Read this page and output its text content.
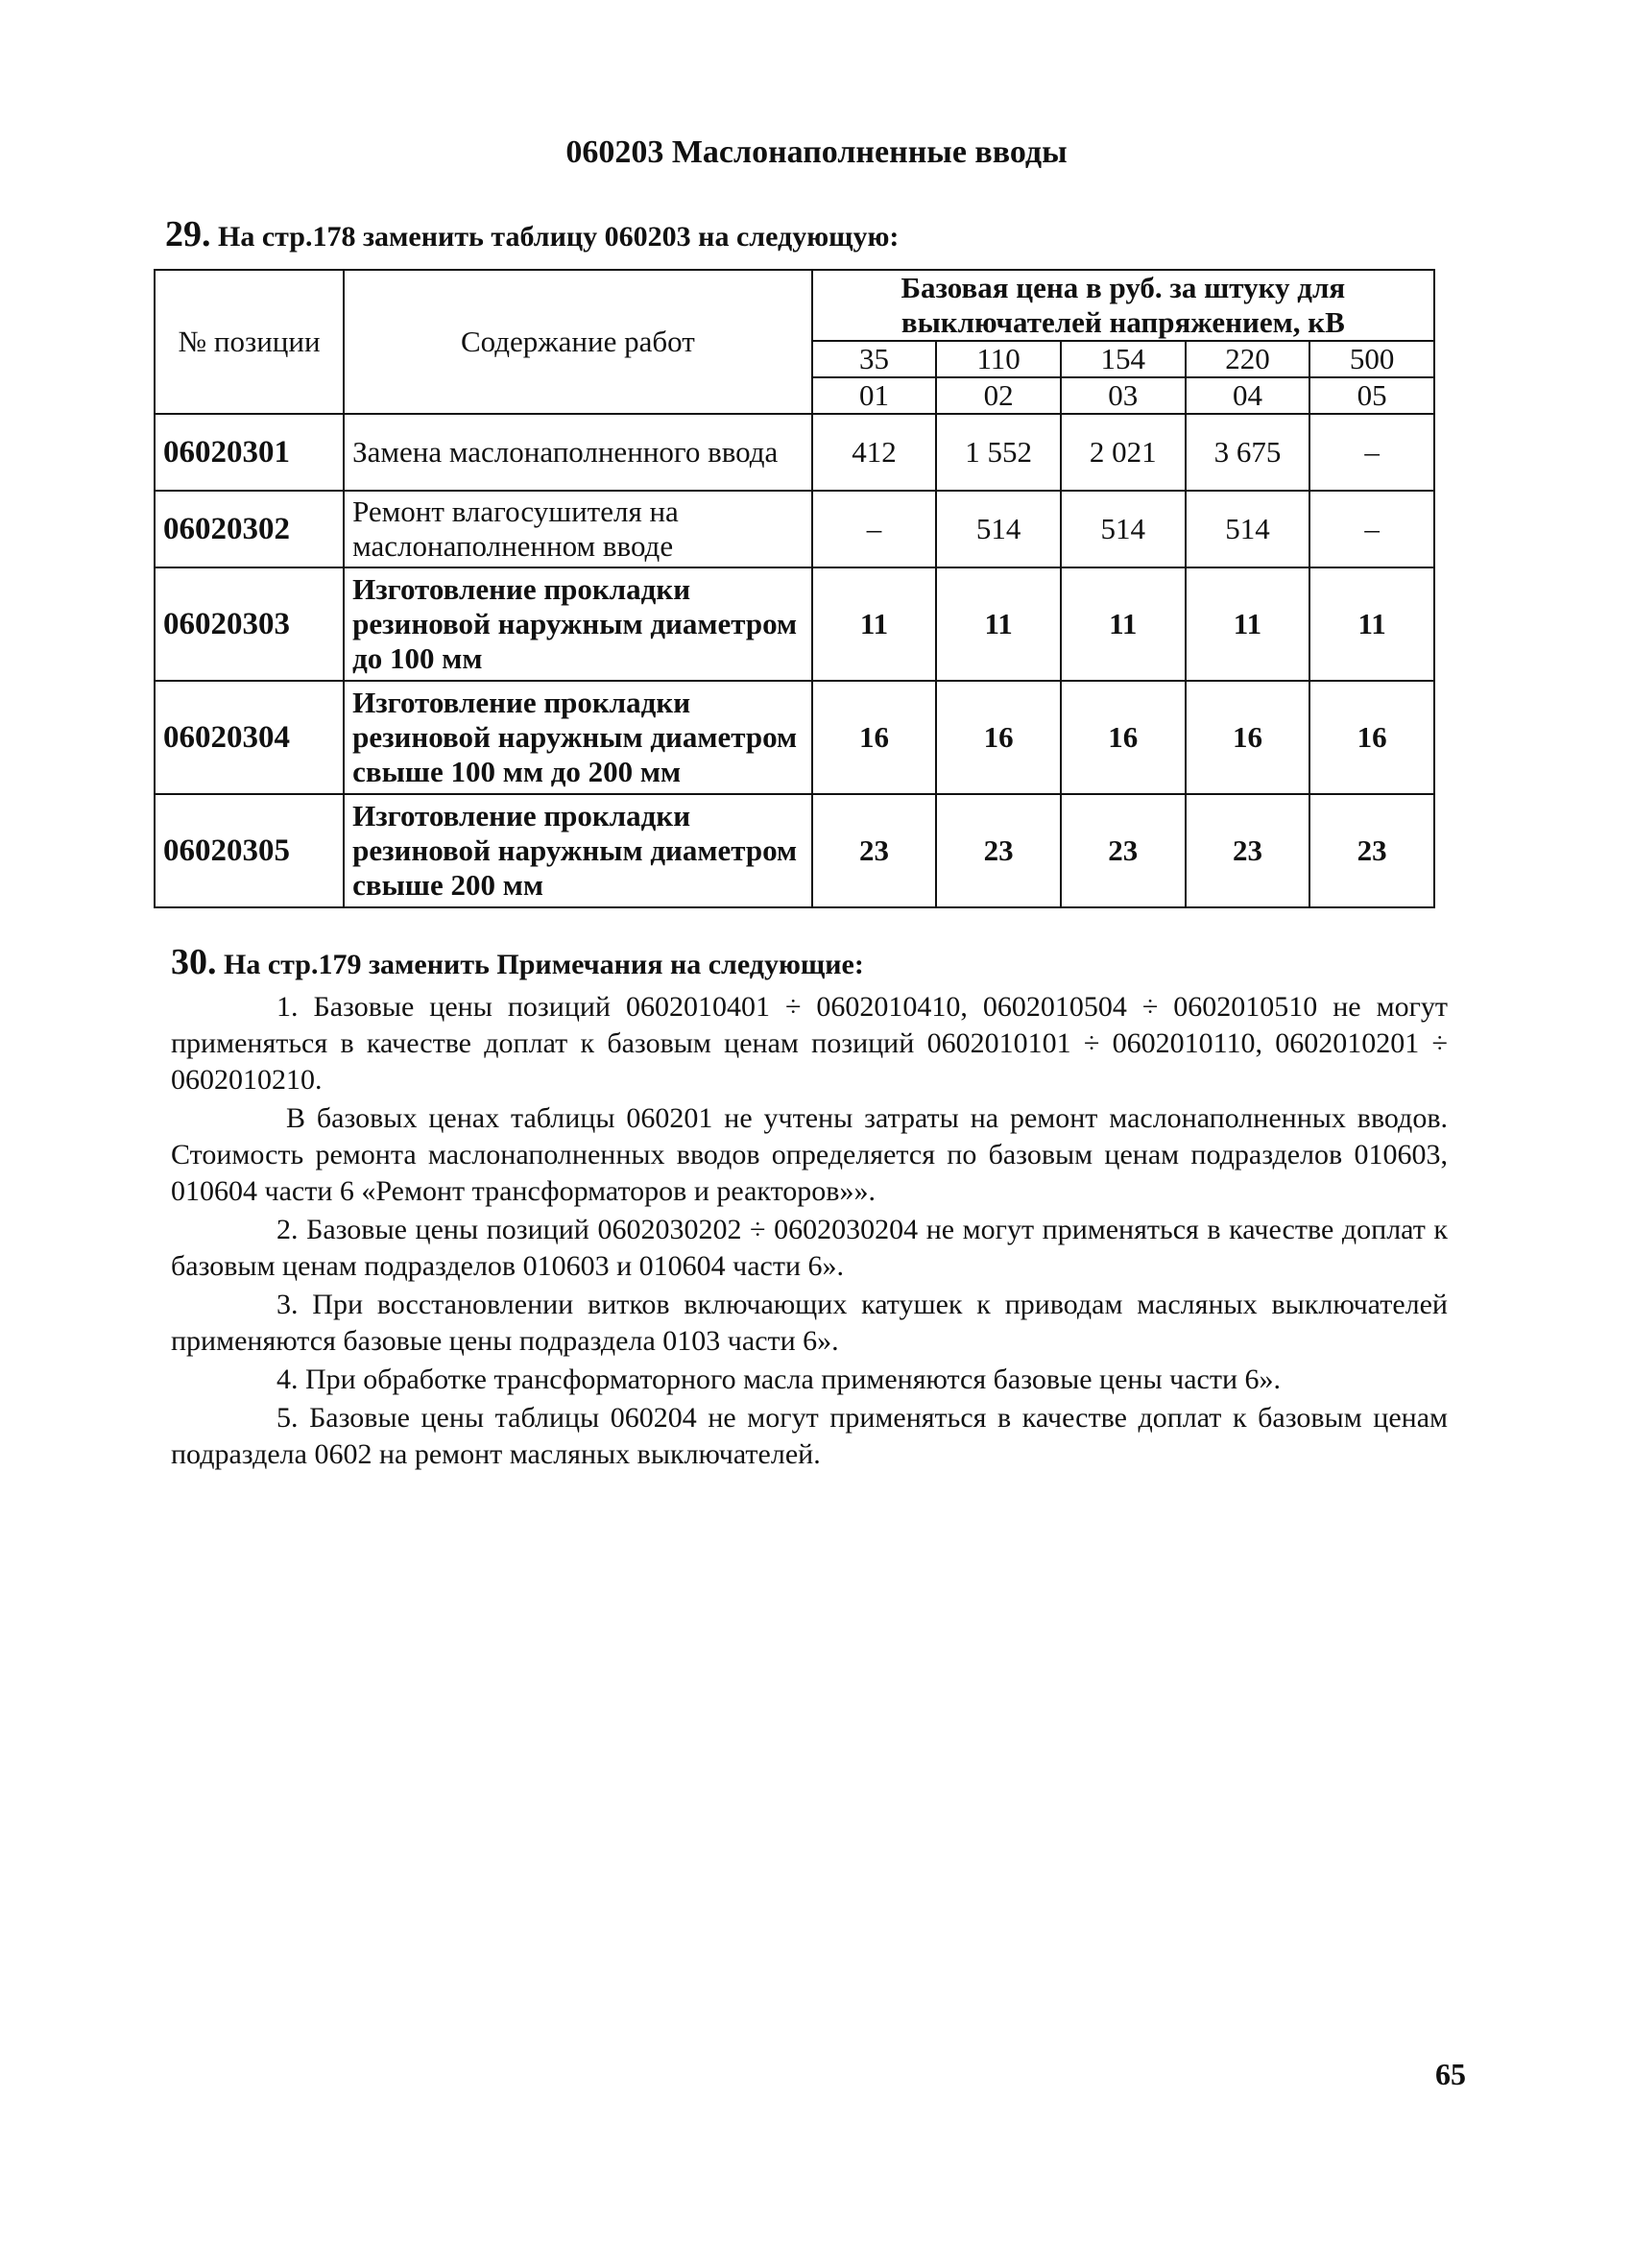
060203 Маслонаполненные вводы
29. На стр.178 заменить таблицу 060203 на следующую:
№ позиции	Содержание работ	Базовая цена в руб. за штуку для выключателей напряжением, кВ				
		35	110	154	220	500
		01	02	03	04	05
06020301	Замена маслонаполненного ввода	412	1 552	2 021	3 675	–
06020302	Ремонт влагосушителя на маслонаполненном вводе	–	514	514	514	–
06020303	Изготовление прокладки резиновой наружным диаметром до 100 мм	11	11	11	11	11
06020304	Изготовление прокладки резиновой наружным диаметром свыше 100 мм до 200 мм	16	16	16	16	16
06020305	Изготовление прокладки резиновой наружным диаметром свыше 200 мм	23	23	23	23	23
30. На стр.179 заменить Примечания на следующие:

1. Базовые цены позиций 0602010401 ÷ 0602010410, 0602010504 ÷ 0602010510 не могут применяться в качестве доплат к базовым ценам позиций 0602010101 ÷ 0602010110, 0602010201 ÷ 0602010210.

В базовых ценах таблицы 060201 не учтены затраты на ремонт маслонаполненных вводов. Стоимость ремонта маслонаполненных вводов определяется по базовым ценам подразделов 010603, 010604 части 6 «Ремонт трансформаторов и реакторов»».

2. Базовые цены позиций 0602030202 ÷ 0602030204 не могут применяться в качестве доплат к базовым ценам подразделов 010603 и 010604 части 6».

3. При восстановлении витков включающих катушек к приводам масляных выключателей применяются базовые цены подраздела 0103 части 6».

4. При обработке трансформаторного масла применяются базовые цены части 6».

5. Базовые цены таблицы 060204 не могут применяться в качестве доплат к базовым ценам подраздела 0602 на ремонт масляных выключателей.

65
